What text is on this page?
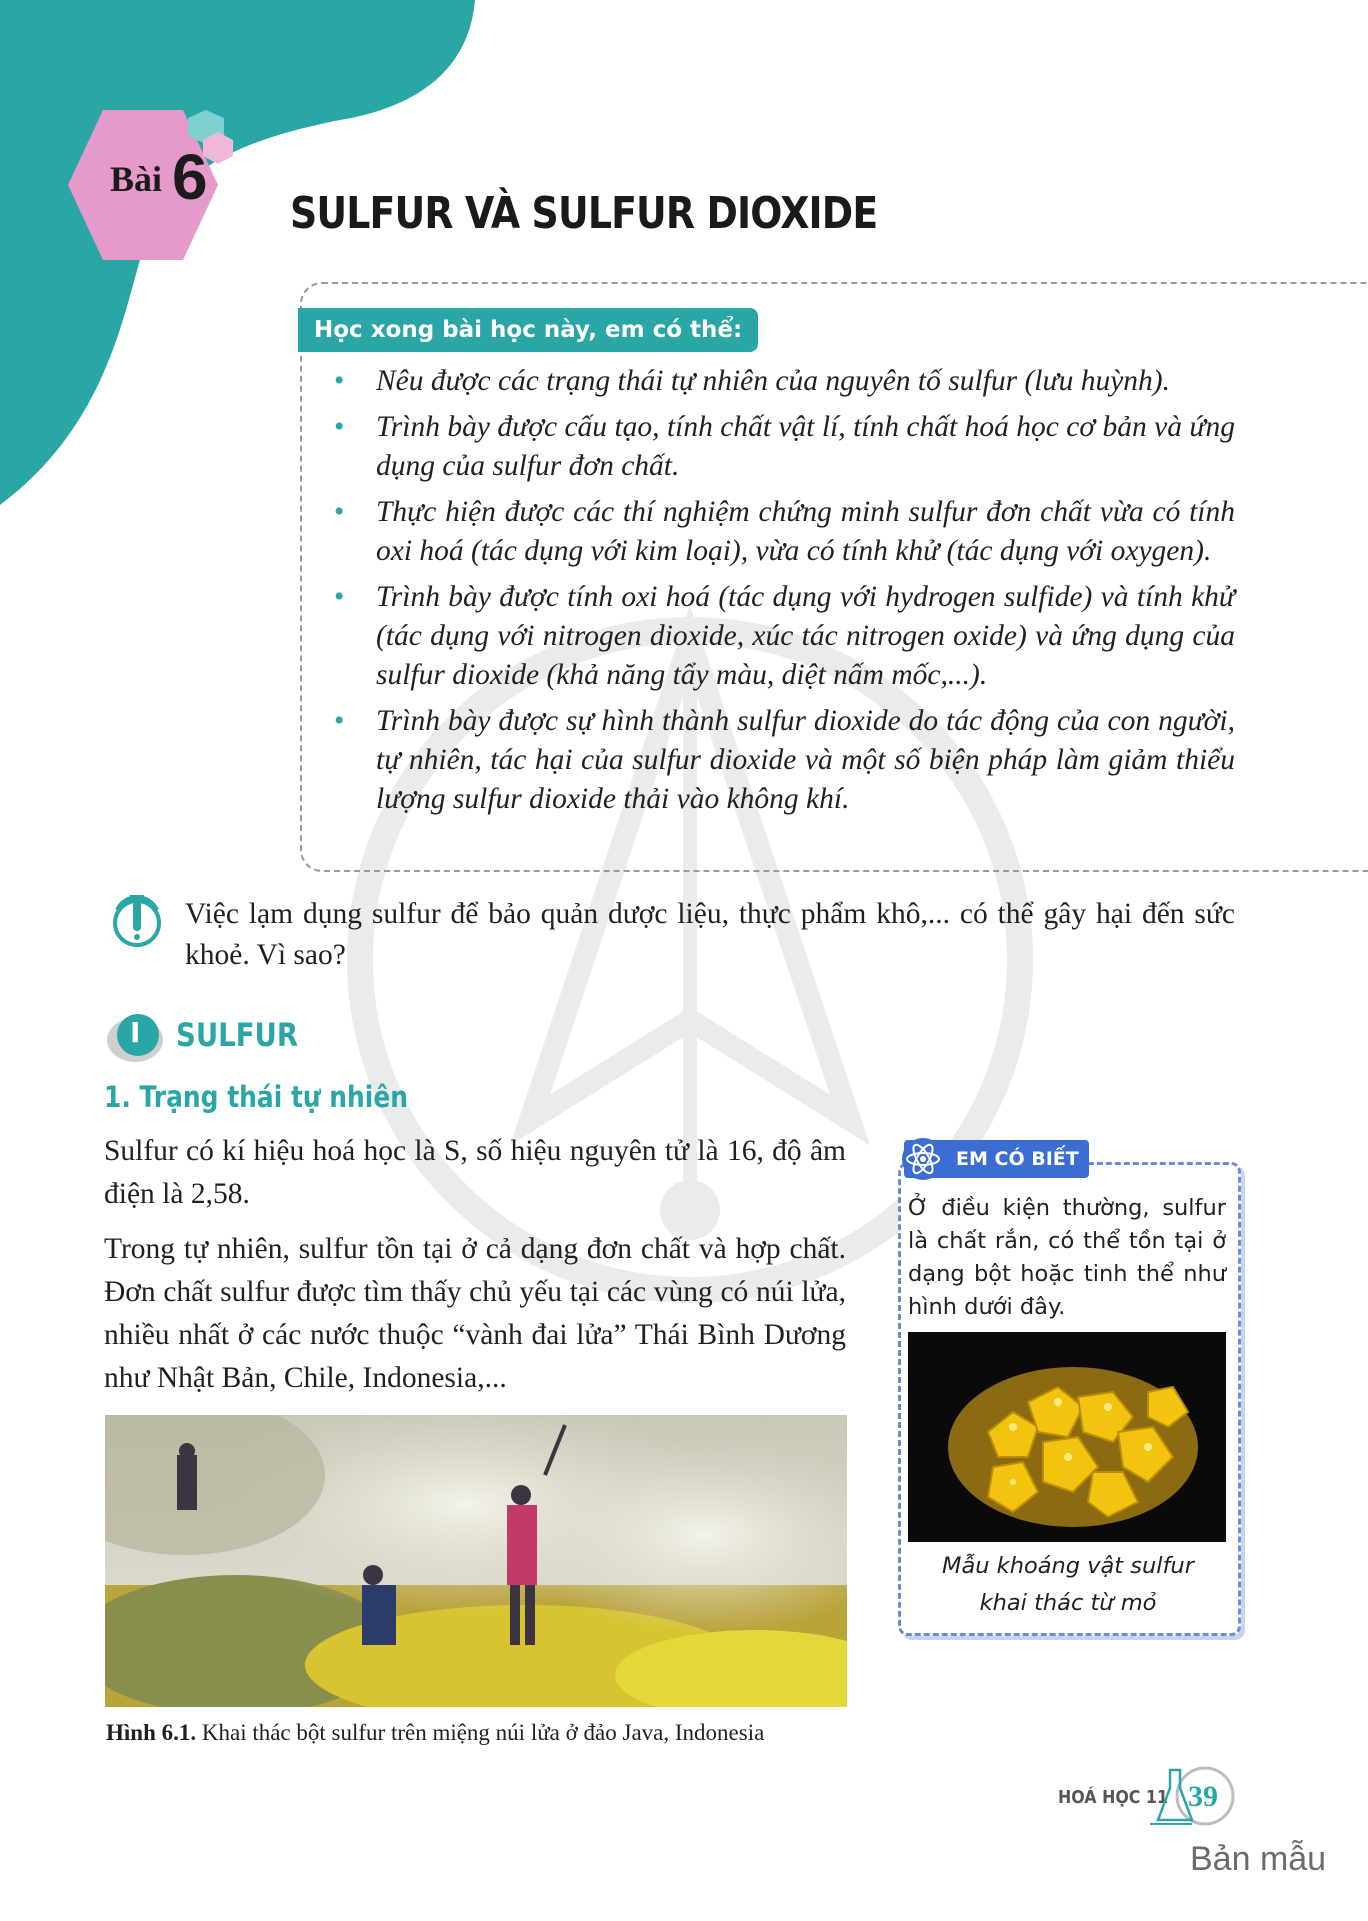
Bài 6
SULFUR VÀ SULFUR DIOXIDE
Học xong bài học này, em có thể:
• Nêu được các trạng thái tự nhiên của nguyên tố sulfur (lưu huỳnh).
• Trình bày được cấu tạo, tính chất vật lí, tính chất hoá học cơ bản và ứng dụng của sulfur đơn chất.
• Thực hiện được các thí nghiệm chứng minh sulfur đơn chất vừa có tính oxi hoá (tác dụng với kim loại), vừa có tính khử (tác dụng với oxygen).
• Trình bày được tính oxi hoá (tác dụng với hydrogen sulfide) và tính khử (tác dụng với nitrogen dioxide, xúc tác nitrogen oxide) và ứng dụng của sulfur dioxide (khả năng tẩy màu, diệt nấm mốc,...).
• Trình bày được sự hình thành sulfur dioxide do tác động của con người, tự nhiên, tác hại của sulfur dioxide và một số biện pháp làm giảm thiểu lượng sulfur dioxide thải vào không khí.
Việc lạm dụng sulfur để bảo quản dược liệu, thực phẩm khô,... có thể gây hại đến sức khoẻ. Vì sao?
I SULFUR
1. Trạng thái tự nhiên
Sulfur có kí hiệu hoá học là S, số hiệu nguyên tử là 16, độ âm điện là 2,58.
Trong tự nhiên, sulfur tồn tại ở cả dạng đơn chất và hợp chất. Đơn chất sulfur được tìm thấy chủ yếu tại các vùng có núi lửa, nhiều nhất ở các nước thuộc “vành đai lửa” Thái Bình Dương như Nhật Bản, Chile, Indonesia,...
Hình 6.1. Khai thác bột sulfur trên miệng núi lửa ở đảo Java, Indonesia
EM CÓ BIẾT
Ở điều kiện thường, sulfur là chất rắn, có thể tồn tại ở dạng bột hoặc tinh thể như hình dưới đây.
Mẫu khoáng vật sulfur
khai thác từ mỏ
HOÁ HỌC 11 39
Bản mẫu
